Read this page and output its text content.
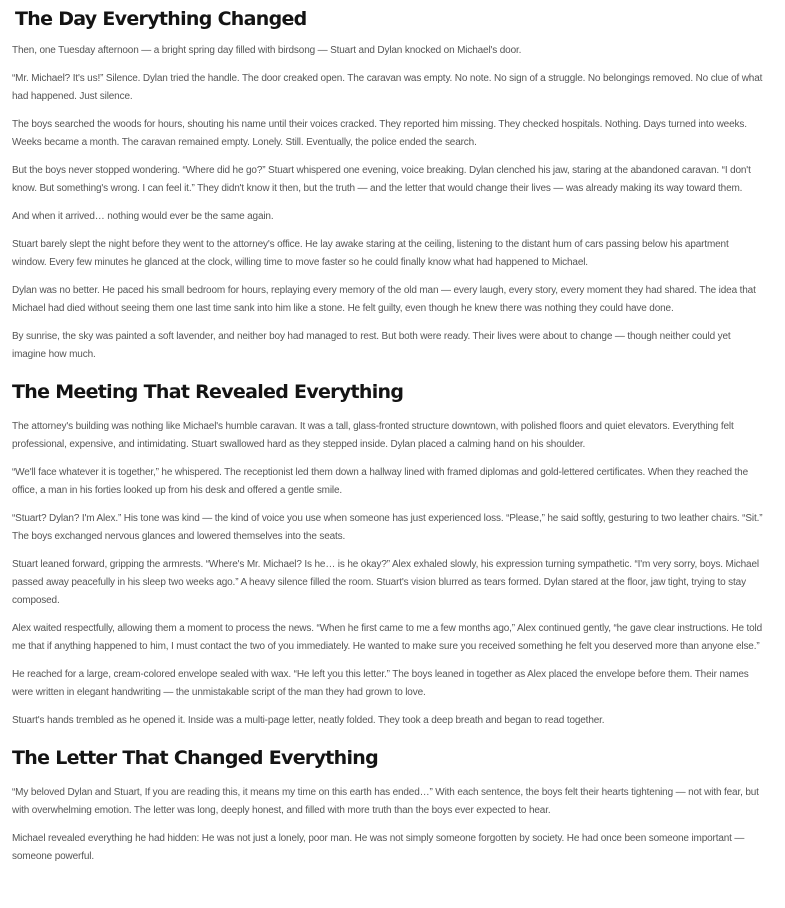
The Day Everything Changed

Then, one Tuesday afternoon — a bright spring day filled with birdsong — Stuart and Dylan knocked on Michael's door.

“Mr. Michael? It's us!” Silence. Dylan tried the handle. The door creaked open. The caravan was empty. No note. No sign of a struggle. No belongings removed. No clue of what had happened. Just silence.

The boys searched the woods for hours, shouting his name until their voices cracked. They reported him missing. They checked hospitals. Nothing. Days turned into weeks. Weeks became a month. The caravan remained empty. Lonely. Still. Eventually, the police ended the search.

But the boys never stopped wondering. “Where did he go?” Stuart whispered one evening, voice breaking. Dylan clenched his jaw, staring at the abandoned caravan. “I don't know. But something's wrong. I can feel it.” They didn't know it then, but the truth — and the letter that would change their lives — was already making its way toward them.

And when it arrived… nothing would ever be the same again.

Stuart barely slept the night before they went to the attorney's office. He lay awake staring at the ceiling, listening to the distant hum of cars passing below his apartment window. Every few minutes he glanced at the clock, willing time to move faster so he could finally know what had happened to Michael.

Dylan was no better. He paced his small bedroom for hours, replaying every memory of the old man — every laugh, every story, every moment they had shared. The idea that Michael had died without seeing them one last time sank into him like a stone. He felt guilty, even though he knew there was nothing they could have done.

By sunrise, the sky was painted a soft lavender, and neither boy had managed to rest. But both were ready. Their lives were about to change — though neither could yet imagine how much.

The Meeting That Revealed Everything

The attorney's building was nothing like Michael's humble caravan. It was a tall, glass-fronted structure downtown, with polished floors and quiet elevators. Everything felt professional, expensive, and intimidating. Stuart swallowed hard as they stepped inside. Dylan placed a calming hand on his shoulder.

“We'll face whatever it is together,” he whispered. The receptionist led them down a hallway lined with framed diplomas and gold-lettered certificates. When they reached the office, a man in his forties looked up from his desk and offered a gentle smile.

“Stuart? Dylan? I'm Alex.” His tone was kind — the kind of voice you use when someone has just experienced loss. “Please,” he said softly, gesturing to two leather chairs. “Sit.” The boys exchanged nervous glances and lowered themselves into the seats.

Stuart leaned forward, gripping the armrests. “Where's Mr. Michael? Is he… is he okay?” Alex exhaled slowly, his expression turning sympathetic. “I'm very sorry, boys. Michael passed away peacefully in his sleep two weeks ago.” A heavy silence filled the room. Stuart's vision blurred as tears formed. Dylan stared at the floor, jaw tight, trying to stay composed.

Alex waited respectfully, allowing them a moment to process the news. “When he first came to me a few months ago,” Alex continued gently, “he gave clear instructions. He told me that if anything happened to him, I must contact the two of you immediately. He wanted to make sure you received something he felt you deserved more than anyone else.”

He reached for a large, cream-colored envelope sealed with wax. “He left you this letter.” The boys leaned in together as Alex placed the envelope before them. Their names were written in elegant handwriting — the unmistakable script of the man they had grown to love.

Stuart's hands trembled as he opened it. Inside was a multi-page letter, neatly folded. They took a deep breath and began to read together.

The Letter That Changed Everything

“My beloved Dylan and Stuart, If you are reading this, it means my time on this earth has ended…” With each sentence, the boys felt their hearts tightening — not with fear, but with overwhelming emotion. The letter was long, deeply honest, and filled with more truth than the boys ever expected to hear.

Michael revealed everything he had hidden: He was not just a lonely, poor man. He was not simply someone forgotten by society. He had once been someone important — someone powerful.
